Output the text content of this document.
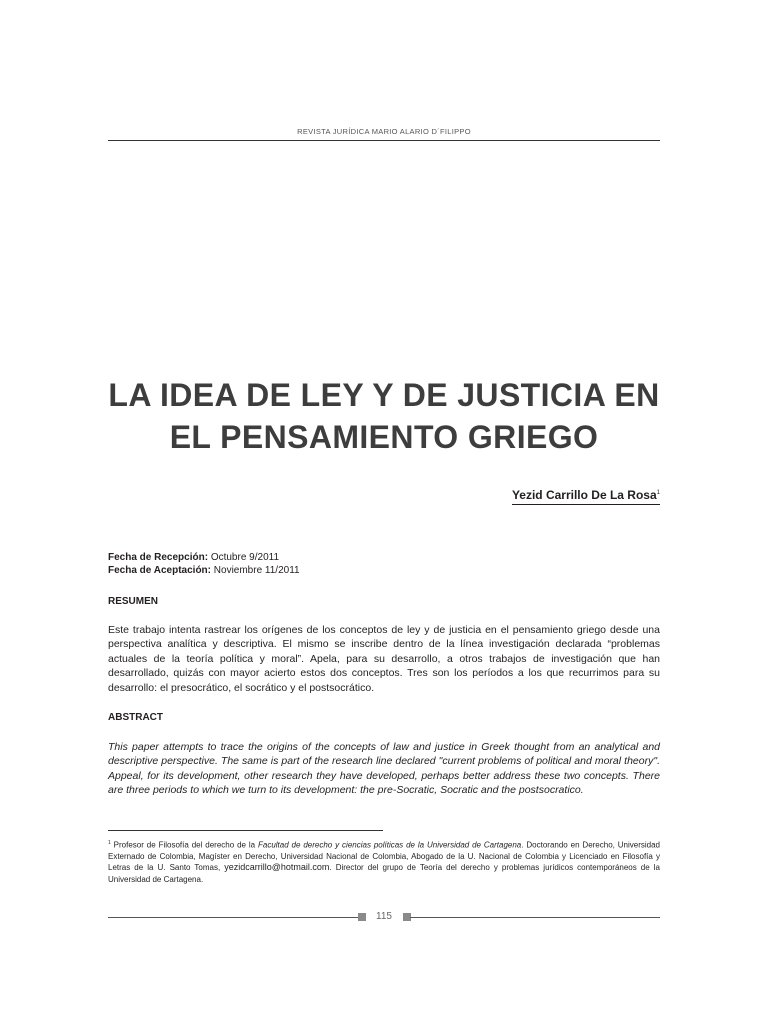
REVISTA JURÍDICA MARIO ALARIO D´FILIPPO
LA IDEA DE LEY Y DE JUSTICIA EN
EL PENSAMIENTO GRIEGO
Yezid Carrillo De La Rosa$^1$
Fecha de Recepción: Octubre 9/2011
Fecha de Aceptación: Noviembre 11/2011
RESUMEN
Este trabajo intenta rastrear los orígenes de los conceptos de ley y de justicia en el pensamiento griego desde una perspectiva analítica y descriptiva. El mismo se inscribe dentro de la línea investigación declarada “problemas actuales de la teoría política y moral”. Apela, para su desarrollo, a otros trabajos de investigación que han desarrollado, quizás con mayor acierto estos dos conceptos. Tres son los períodos a los que recurrimos para su desarrollo: el presocrático, el socrático y el postsocrático.
ABSTRACT
This paper attempts to trace the origins of the concepts of law and justice in Greek thought from an analytical and descriptive perspective. The same is part of the research line declared "current problems of political and moral theory". Appeal, for its development, other research they have developed, perhaps better address these two concepts. There are three periods to which we turn to its development: the pre-Socratic, Socratic and the postsocratico.
$^1$ Profesor de Filosofía del derecho de la Facultad de derecho y ciencias políticas de la Universidad de Cartagena. Doctorando en Derecho, Universidad Externado de Colombia, Magíster en Derecho, Universidad Nacional de Colombia, Abogado de la U. Nacional de Colombia y Licenciado en Filosofía y Letras de la U. Santo Tomas, yezidcarrillo@hotmail.com. Director del grupo de Teoría del derecho y problemas jurídicos contemporáneos de la Universidad de Cartagena.
115
